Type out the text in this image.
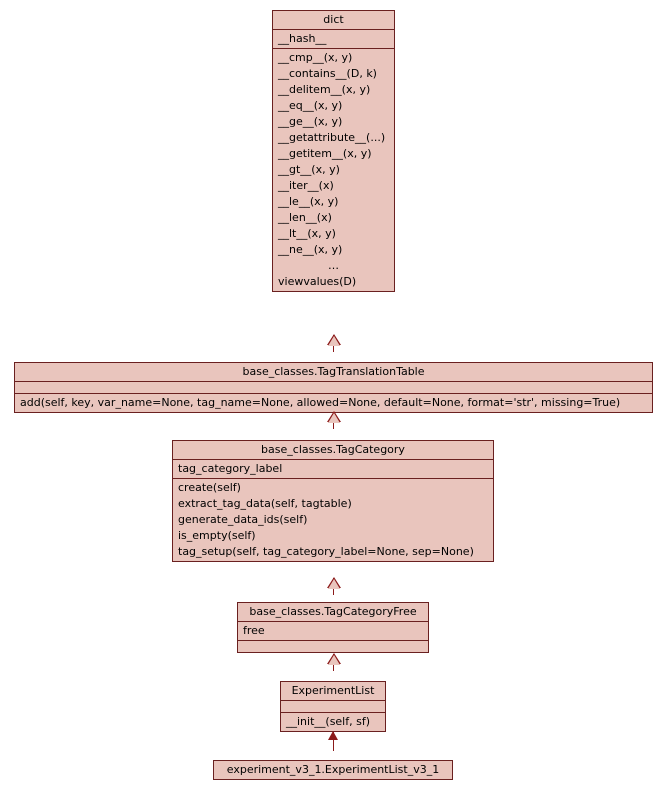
dict
__hash__
__cmp__(x, y)
__contains__(D, k)
__delitem__(x, y)
__eq__(x, y)
__ge__(x, y)
__getattribute__(...)
__getitem__(x, y)
__gt__(x, y)
__iter__(x)
__le__(x, y)
__len__(x)
__lt__(x, y)
__ne__(x, y)
…
viewvalues(D)
base_classes.TagTranslationTable
add(self, key, var_name=None, tag_name=None, allowed=None, default=None, format='str', missing=True)
base_classes.TagCategory
tag_category_label
create(self)
extract_tag_data(self, tagtable)
generate_data_ids(self)
is_empty(self)
tag_setup(self, tag_category_label=None, sep=None)
base_classes.TagCategoryFree
free
ExperimentList
__init__(self, sf)
experiment_v3_1.ExperimentList_v3_1
